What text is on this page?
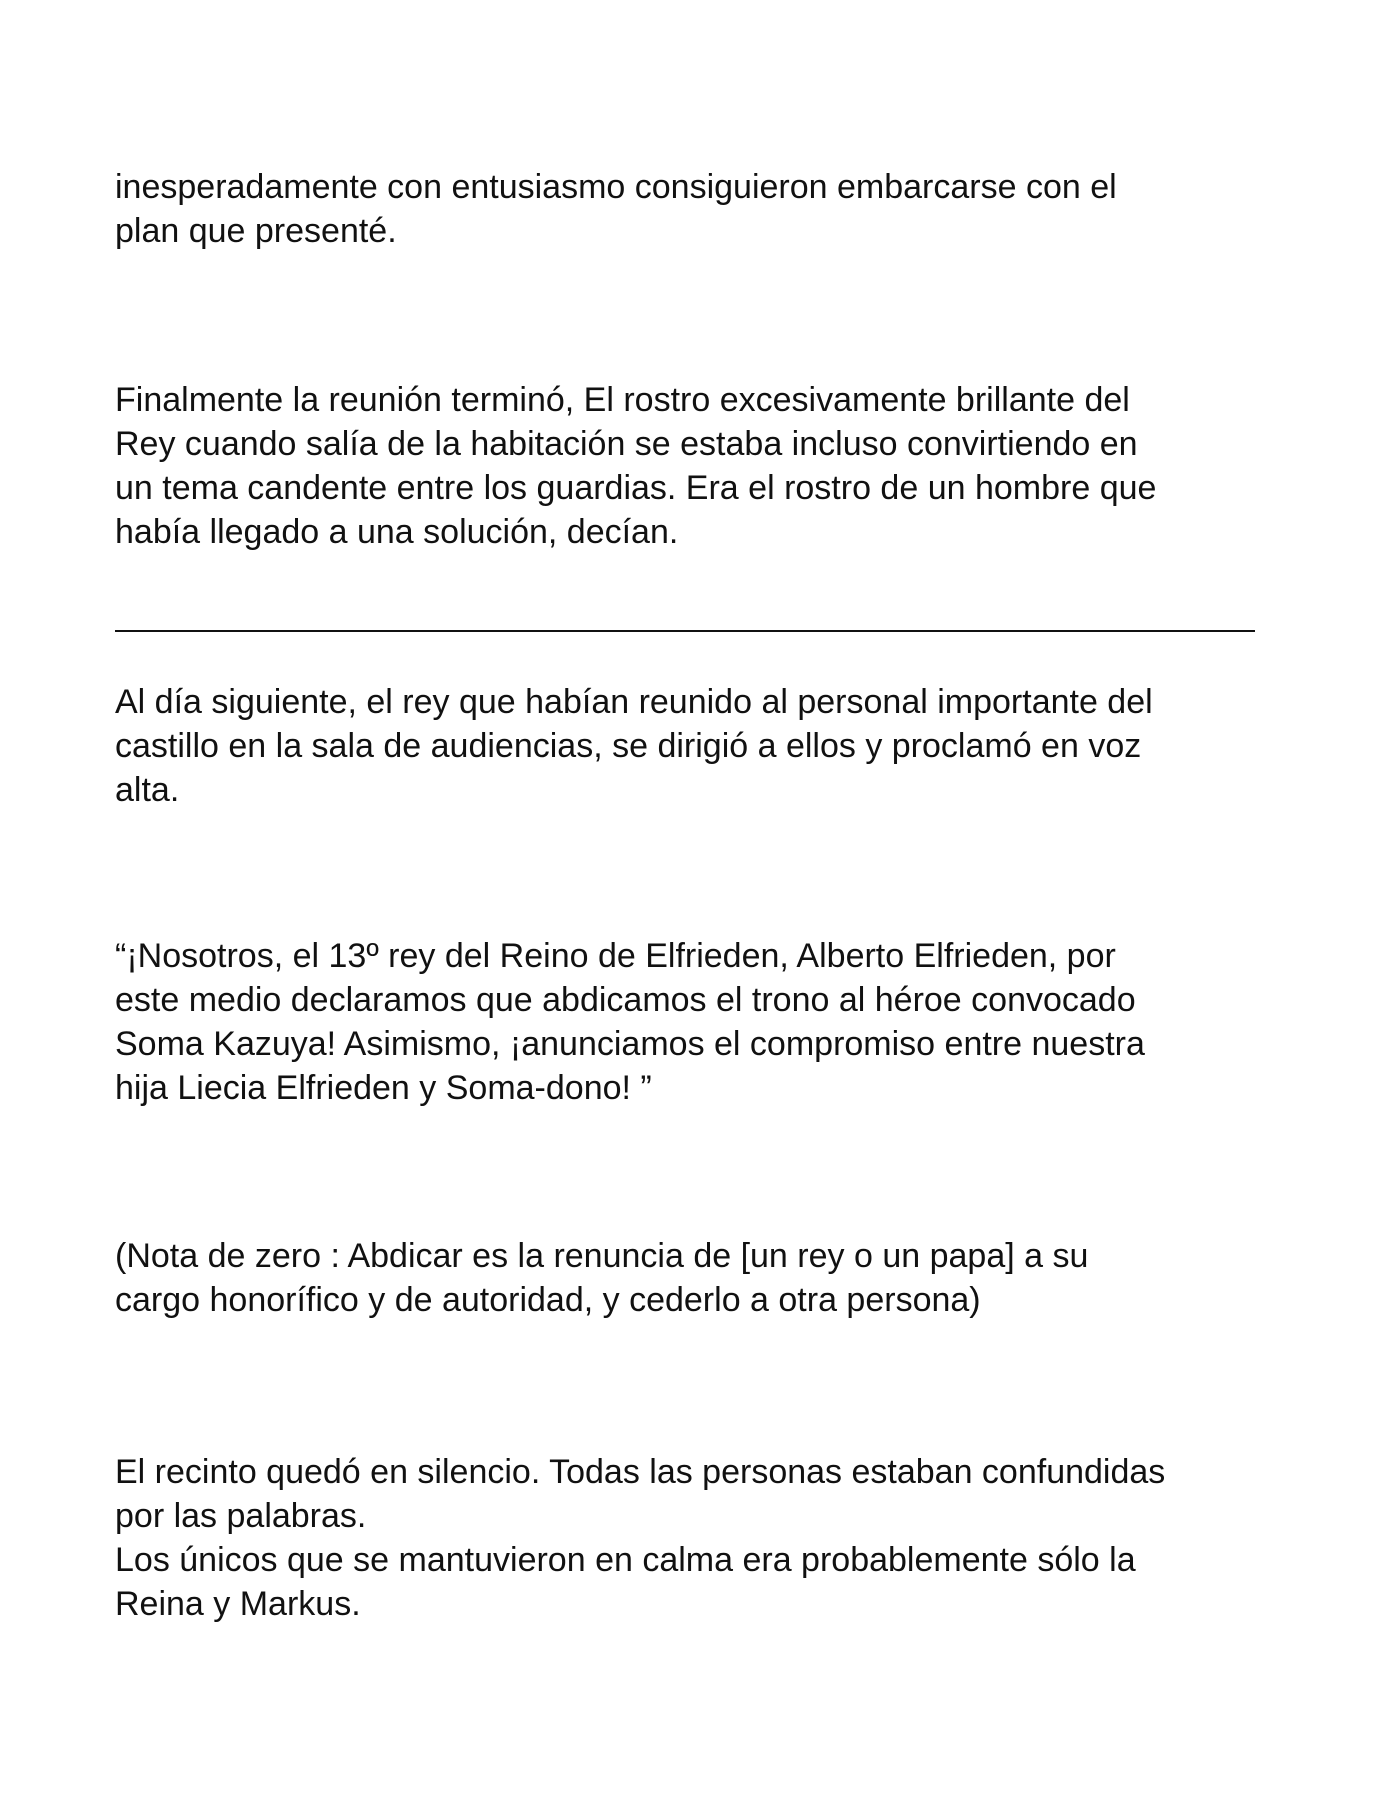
inesperadamente con entusiasmo consiguieron embarcarse con el
plan que presenté.

Finalmente la reunión terminó, El rostro excesivamente brillante del
Rey cuando salía de la habitación se estaba incluso convirtiendo en
un tema candente entre los guardias. Era el rostro de un hombre que
había llegado a una solución, decían.

Al día siguiente, el rey que habían reunido al personal importante del
castillo en la sala de audiencias, se dirigió a ellos y proclamó en voz
alta.

“¡Nosotros, el 13º rey del Reino de Elfrieden, Alberto Elfrieden, por
este medio declaramos que abdicamos el trono al héroe convocado
Soma Kazuya! Asimismo, ¡anunciamos el compromiso entre nuestra
hija Liecia Elfrieden y Soma-dono! ”

(Nota de zero : Abdicar es la renuncia de [un rey o un papa] a su
cargo honorífico y de autoridad, y cederlo a otra persona)

El recinto quedó en silencio. Todas las personas estaban confundidas
por las palabras.
Los únicos que se mantuvieron en calma era probablemente sólo la
Reina y Markus.
